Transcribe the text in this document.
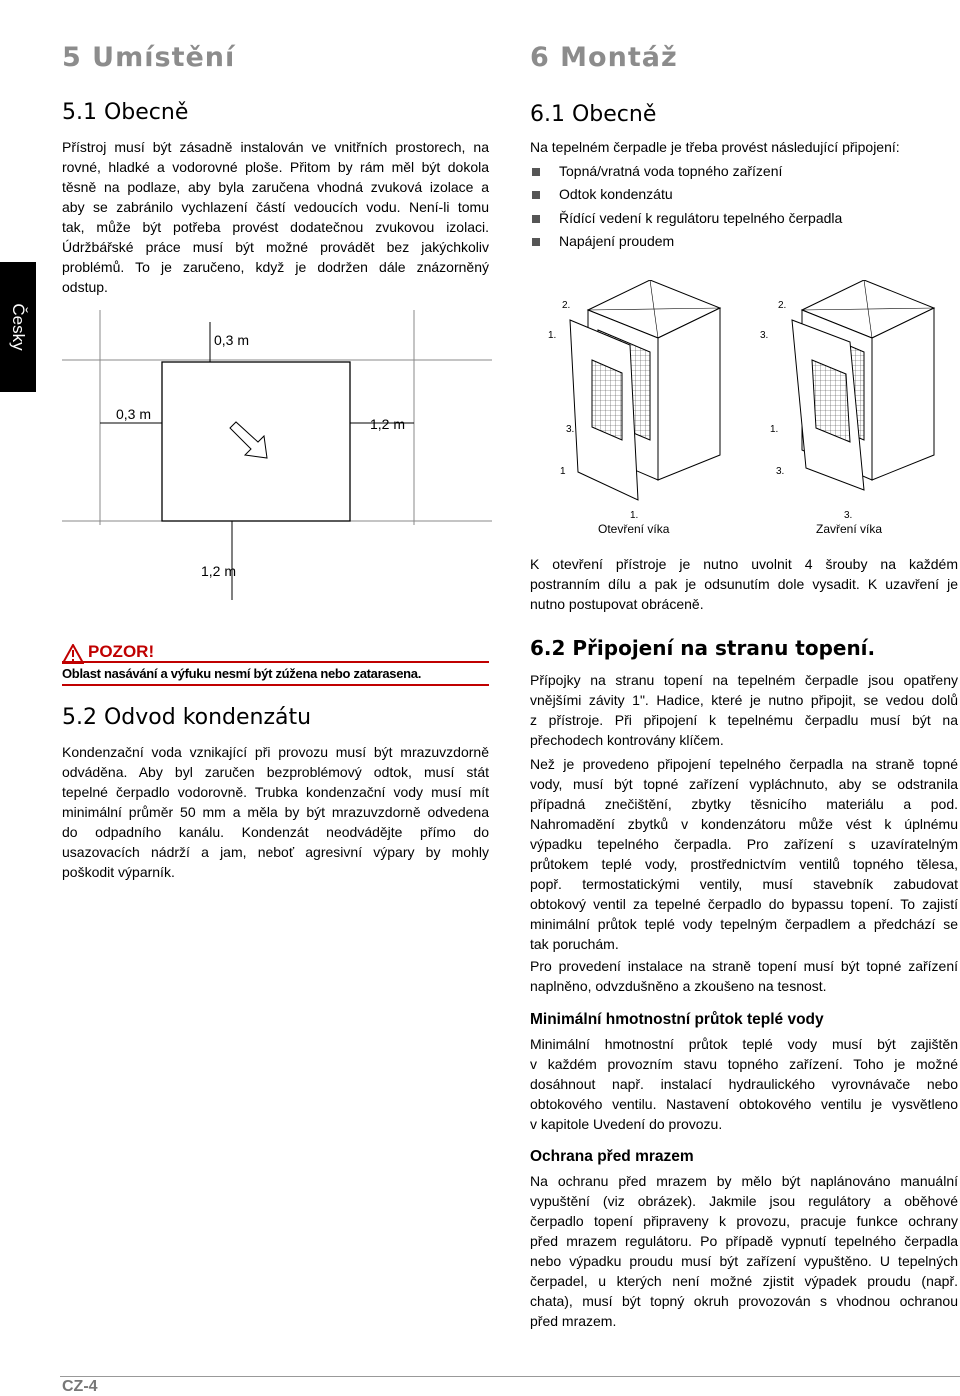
Česky
5 Umístění
5.1 Obecně
Přístroj musí být zásadně instalován ve vnitřních prostorech, na
rovné, hladké a vodorovné ploše. Přitom by rám měl být dokola
těsně na podlaze, aby byla zaručena vhodná zvuková izolace a
aby se zabránilo vychlazení částí vedoucích vodu. Není-li tomu
tak, může být potřeba provést dodatečnou zvukovou izolaci.
Údržbářské práce musí být možné provádět bez jakýchkoliv
problémů. To je zaručeno, když je dodržen dále znázorněný
odstup.
0,3 m
0,3 m
1,2 m
1,2 m
POZOR!
Oblast nasávání a výfuku nesmí být zúžena nebo zatarasena.
5.2 Odvod kondenzátu
Kondenzační voda vznikající při provozu musí být mrazuvzdorně
odváděna. Aby byl zaručen bezproblémový odtok, musí stát
tepelné čerpadlo vodorovně. Trubka kondenzační vody musí mít
minimální průměr 50 mm a měla by být mrazuvzdorně odvedena
do odpadního kanálu. Kondenzát neodvádějte přímo do
usazovacích nádrží a jam, neboť agresivní výpary by mohly
poškodit výparník.
6 Montáž
6.1 Obecně
Na tepelném čerpadle je třeba provést následující připojení:
Topná/vratná voda topného zařízení
Odtok kondenzátu
Řídící vedení k regulátoru tepelného čerpadla
Napájení proudem
2.
1.
3.
1
1.
2.
3.
1.
3.
3.
Otevření víka	Zavření víka
K otevření přístroje je nutno uvolnit 4 šrouby na každém
postranním dílu a pak je odsunutím dole vysadit. K uzavření je
nutno postupovat obráceně.
6.2 Připojení na stranu topení.
Přípojky na stranu topení na tepelném čerpadle jsou opatřeny
vnějšími závity 1". Hadice, které je nutno připojit, se vedou dolů
z přístroje. Při připojení k tepelnému čerpadlu musí být na
přechodech kontrovány klíčem.
Než je provedeno připojení tepelného čerpadla na straně topné
vody, musí být topné zařízení vypláchnuto, aby se odstranila
případná znečištění, zbytky těsnicího materiálu a pod.
Nahromadění zbytků v kondenzátoru může vést k úplnému
výpadku tepelného čerpadla. Pro zařízení s uzavíratelným
průtokem teplé vody, prostřednictvím ventilů topného tělesa,
popř. termostatickými ventily, musí stavebník zabudovat
obtokový ventil za tepelné čerpadlo do bypassu topení. To zajistí
minimální průtok teplé vody tepelným čerpadlem a předchází se
tak poruchám.
Pro provedení instalace na straně topení musí být topné zařízení
naplněno, odvzdušněno a zkoušeno na tesnost.
Minimální hmotnostní průtok teplé vody
Minimální hmotnostní průtok teplé vody musí být zajištěn
v každém provozním stavu topného zařízení. Toho je možné
dosáhnout např. instalací hydraulického vyrovnávače nebo
obtokového ventilu. Nastavení obtokového ventilu je vysvětleno
v kapitole Uvedení do provozu.
Ochrana před mrazem
Na ochranu před mrazem by mělo být naplánováno manuální
vypuštění (viz obrázek). Jakmile jsou regulátory a oběhové
čerpadlo topení připraveny k provozu, pracuje funkce ochrany
před mrazem regulátoru. Po případě vypnutí tepelného čerpadla
nebo výpadku proudu musí být zařízení vypuštěno. U tepelných
čerpadel, u kterých není možné zjistit výpadek proudu (např.
chata), musí být topný okruh provozován s vhodnou ochranou
před mrazem.
CZ-4
